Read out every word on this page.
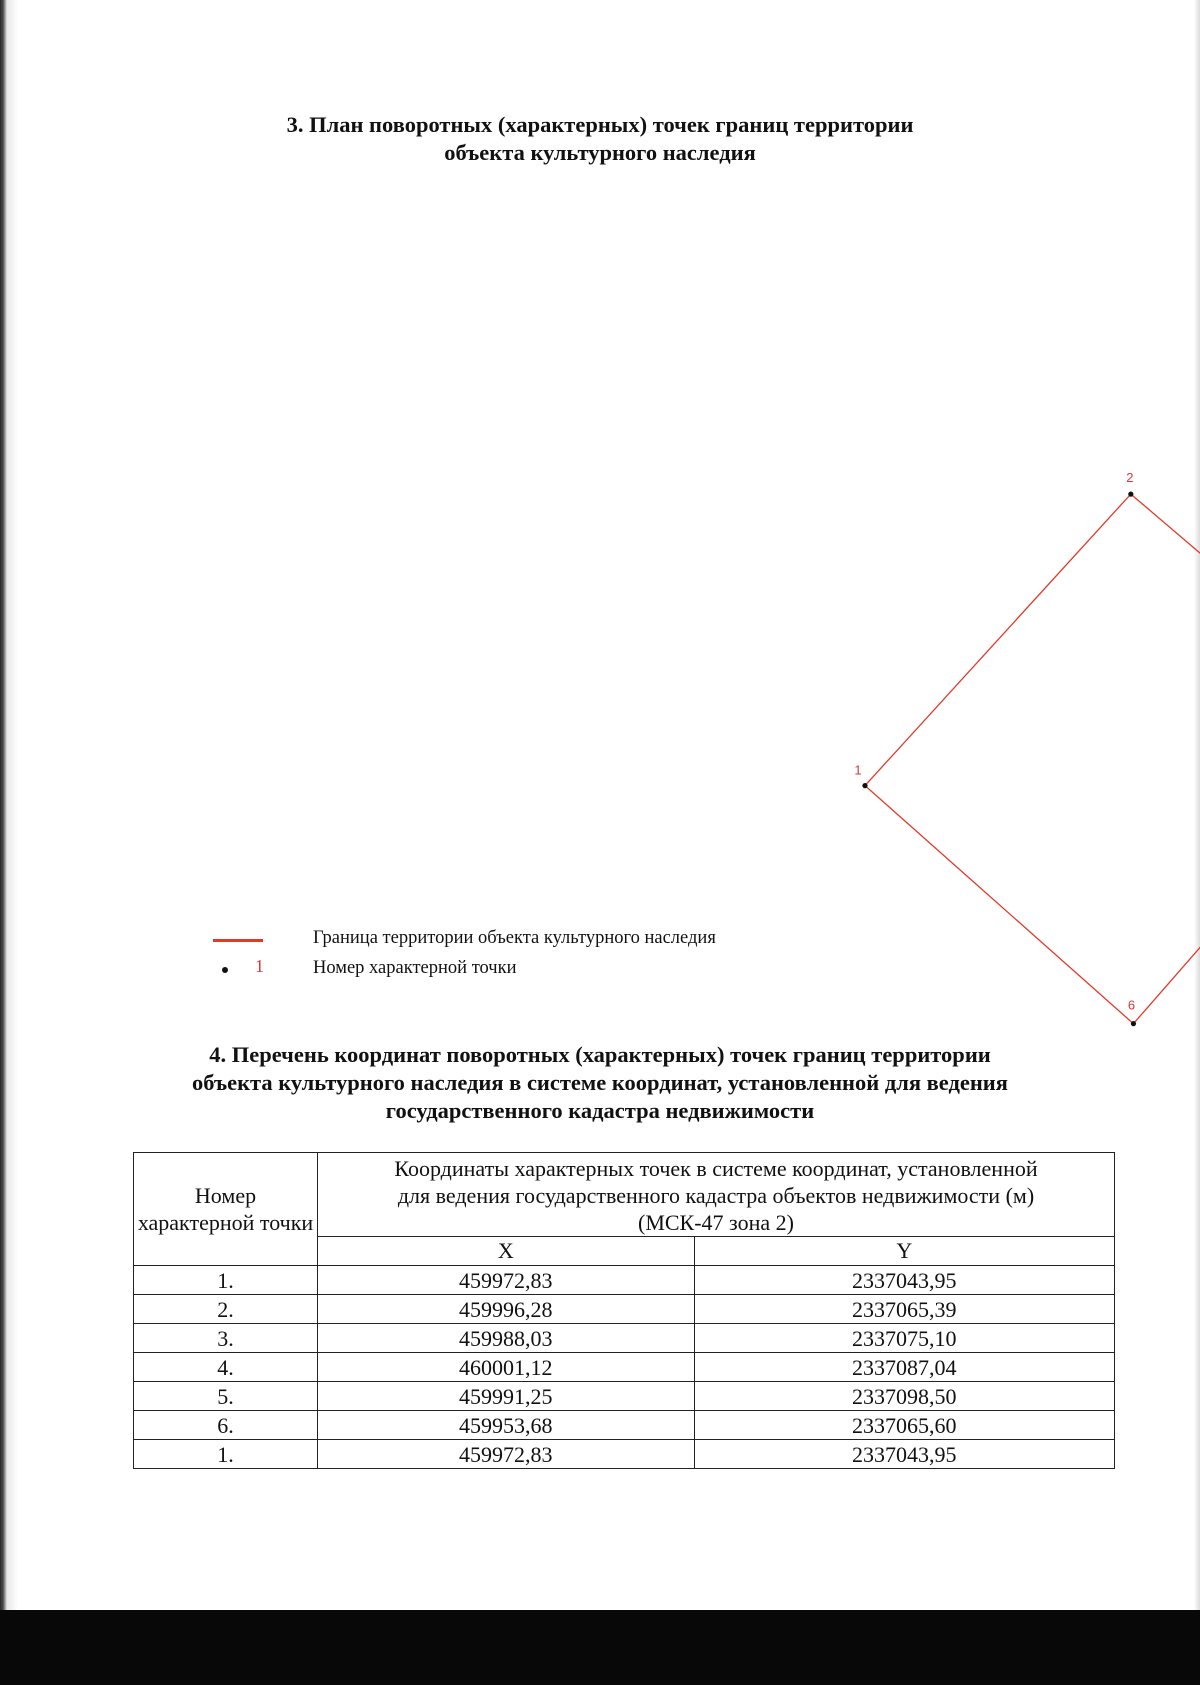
3. План поворотных (характерных) точек границ территории
объекта культурного наследия
1
2
6
Граница территории объекта культурного наследия
1	Номер характерной точки
4. Перечень координат поворотных (характерных) точек границ территории
объекта культурного наследия в системе координат, установленной для ведения
государственного кадастра недвижимости
Номер характерной точки	Координаты характерных точек в системе координат, установленной
для ведения государственного кадастра объектов недвижимости (м)
(МСК-47 зона 2)	
	X	Y
1.	459972,83	2337043,95
2.	459996,28	2337065,39
3.	459988,03	2337075,10
4.	460001,12	2337087,04
5.	459991,25	2337098,50
6.	459953,68	2337065,60
1.	459972,83	2337043,95
